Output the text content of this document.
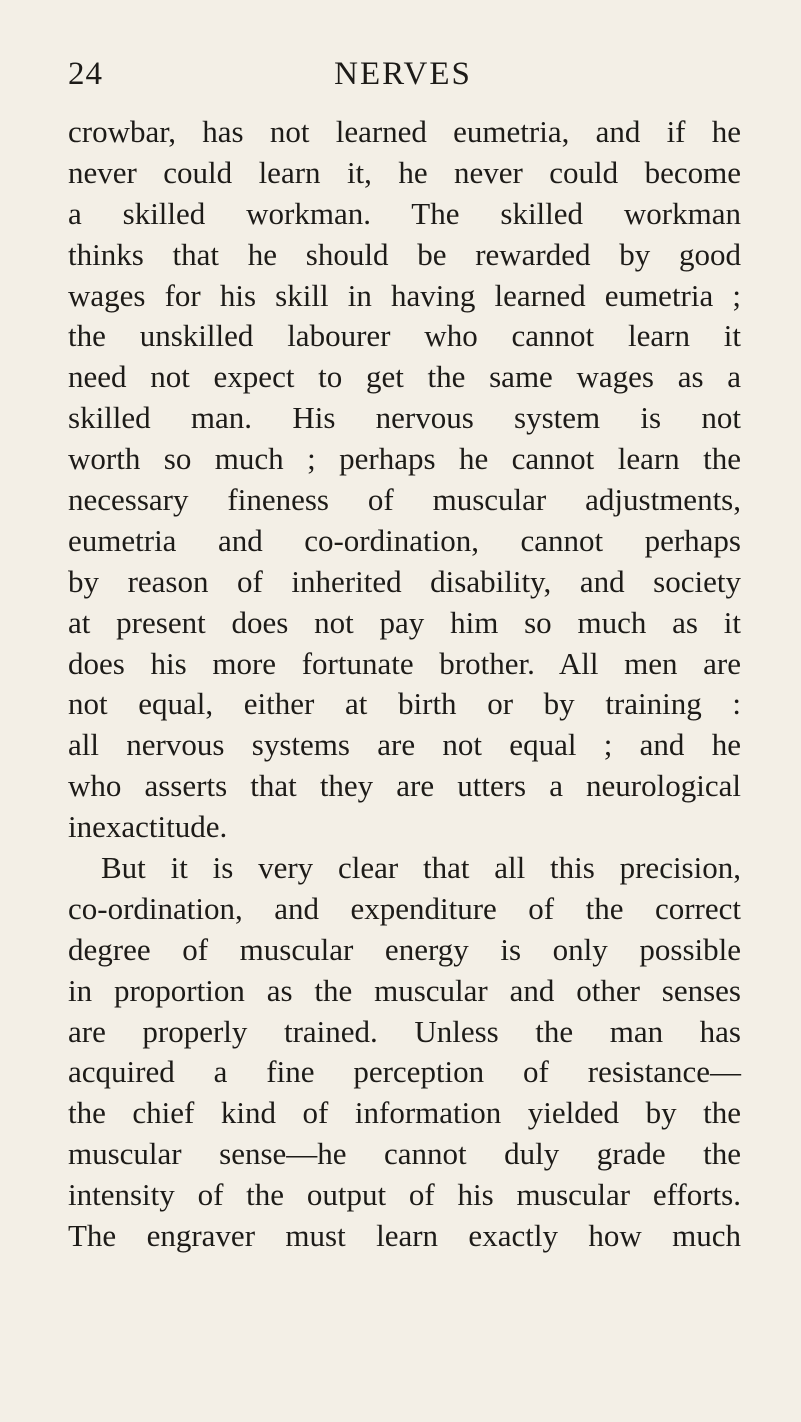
24	NERVES
crowbar, has not learned eumetria, and if he
never could learn it, he never could become
a skilled workman. The skilled workman
thinks that he should be rewarded by good
wages for his skill in having learned eumetria ;
the unskilled labourer who cannot learn it
need not expect to get the same wages as a
skilled man. His nervous system is not
worth so much ; perhaps he cannot learn the
necessary fineness of muscular adjustments,
eumetria and co-ordination, cannot perhaps
by reason of inherited disability, and society
at present does not pay him so much as it
does his more fortunate brother. All men are
not equal, either at birth or by training :
all nervous systems are not equal ; and he
who asserts that they are utters a neurological
inexactitude.
But it is very clear that all this precision,
co-ordination, and expenditure of the correct
degree of muscular energy is only possible
in proportion as the muscular and other senses
are properly trained. Unless the man has
acquired a fine perception of resistance—
the chief kind of information yielded by the
muscular sense—he cannot duly grade the
intensity of the output of his muscular efforts.
The engraver must learn exactly how much
